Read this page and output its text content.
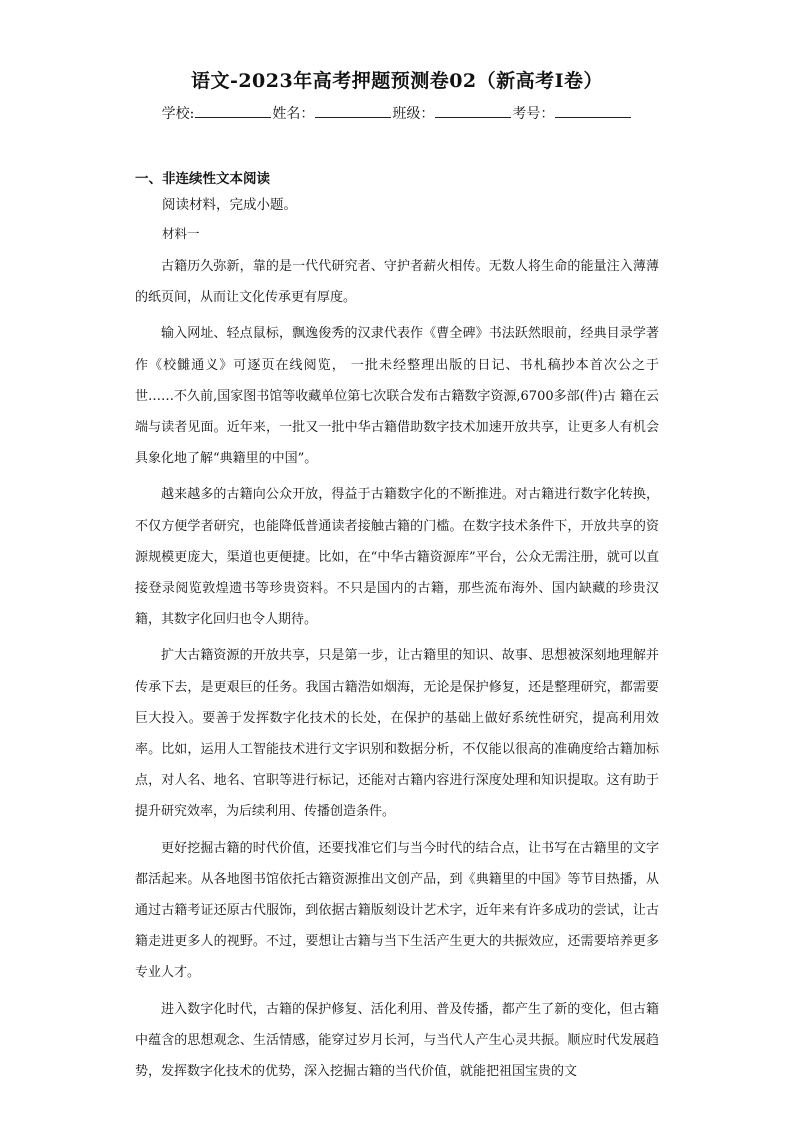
语文-2023年高考押题预测卷02（新高考Ⅰ卷）
学校:	姓名：	班级：	考号：
一、非连续性文本阅读
阅读材料，完成小题。
材料一

古籍历久弥新，靠的是一代代研究者、守护者薪火相传。无数人将生命的能量注入薄薄的纸页间，从而让文化传承更有厚度。

输入网址、轻点鼠标，飘逸俊秀的汉隶代表作《曹全碑》书法跃然眼前，经典目录学著作《校雠通义》可逐页在线阅览， 一批未经整理出版的日记、书札稿抄本首次公之于世……不久前,国家图书馆等收藏单位第七次联合发布古籍数字资源,6700多部(件)古 籍在云端与读者见面。近年来，一批又一批中华古籍借助数字技术加速开放共享，让更多人有机会具象化地了解“典籍里的中国”。

越来越多的古籍向公众开放，得益于古籍数字化的不断推进。对古籍进行数字化转换，不仅方便学者研究，也能降低普通读者接触古籍的门槛。在数字技术条件下，开放共享的资源规模更庞大，渠道也更便捷。比如，在“中华古籍资源库”平台，公众无需注册，就可以直接登录阅览敦煌遗书等珍贵资料。不只是国内的古籍，那些流布海外、国内缺藏的珍贵汉籍，其数字化回归也令人期待。

扩大古籍资源的开放共享，只是第一步，让古籍里的知识、故事、思想被深刻地理解并传承下去，是更艰巨的任务。我国古籍浩如烟海，无论是保护修复，还是整理研究，都需要巨大投入。要善于发挥数字化技术的长处，在保护的基础上做好系统性研究，提高利用效率。比如，运用人工智能技术进行文字识别和数据分析，不仅能以很高的准确度给古籍加标点，对人名、地名、官职等进行标记，还能对古籍内容进行深度处理和知识提取。这有助于提升研究效率，为后续利用、传播创造条件。

更好挖掘古籍的时代价值，还要找准它们与当今时代的结合点，让书写在古籍里的文字都活起来。从各地图书馆依托古籍资源推出文创产品，到《典籍里的中国》等节目热播，从通过古籍考证还原古代服饰，到依据古籍版刻设计艺术字，近年来有许多成功的尝试，让古籍走进更多人的视野。不过，要想让古籍与当下生活产生更大的共振效应，还需要培养更多专业人才。

进入数字化时代，古籍的保护修复、活化利用、普及传播，都产生了新的变化，但古籍中蕴含的思想观念、生活情感，能穿过岁月长河，与当代人产生心灵共振。顺应时代发展趋势，发挥数字化技术的优势，深入挖掘古籍的当代价值，就能把祖国宝贵的文
